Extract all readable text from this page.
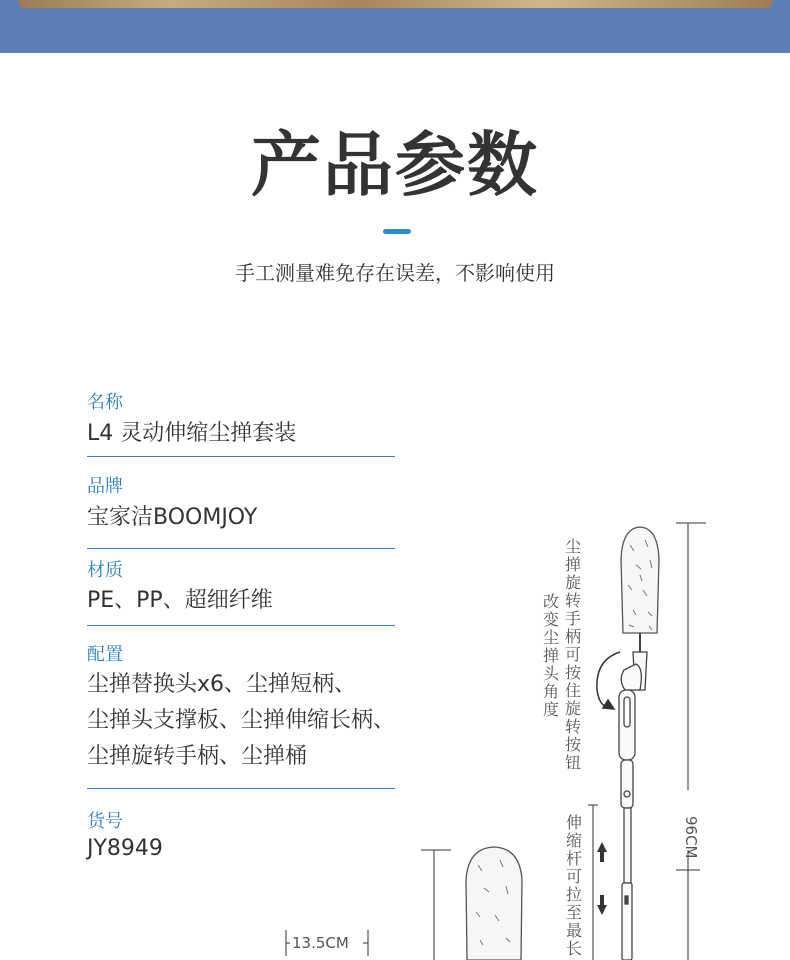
产品参数
手工测量难免存在误差，不影响使用
名称
L4 灵动伸缩尘掸套装
品牌
宝家洁BOOMJOY
材质
PE、PP、超细纤维
配置
尘掸替换头x6、尘掸短柄、
尘掸头支撑板、尘掸伸缩长柄、
尘掸旋转手柄、尘掸桶
货号
JY8949
尘掸旋转手柄可按住旋转按钮
改变尘掸头角度
伸缩杆可拉至最长
96CM
13.5CM
